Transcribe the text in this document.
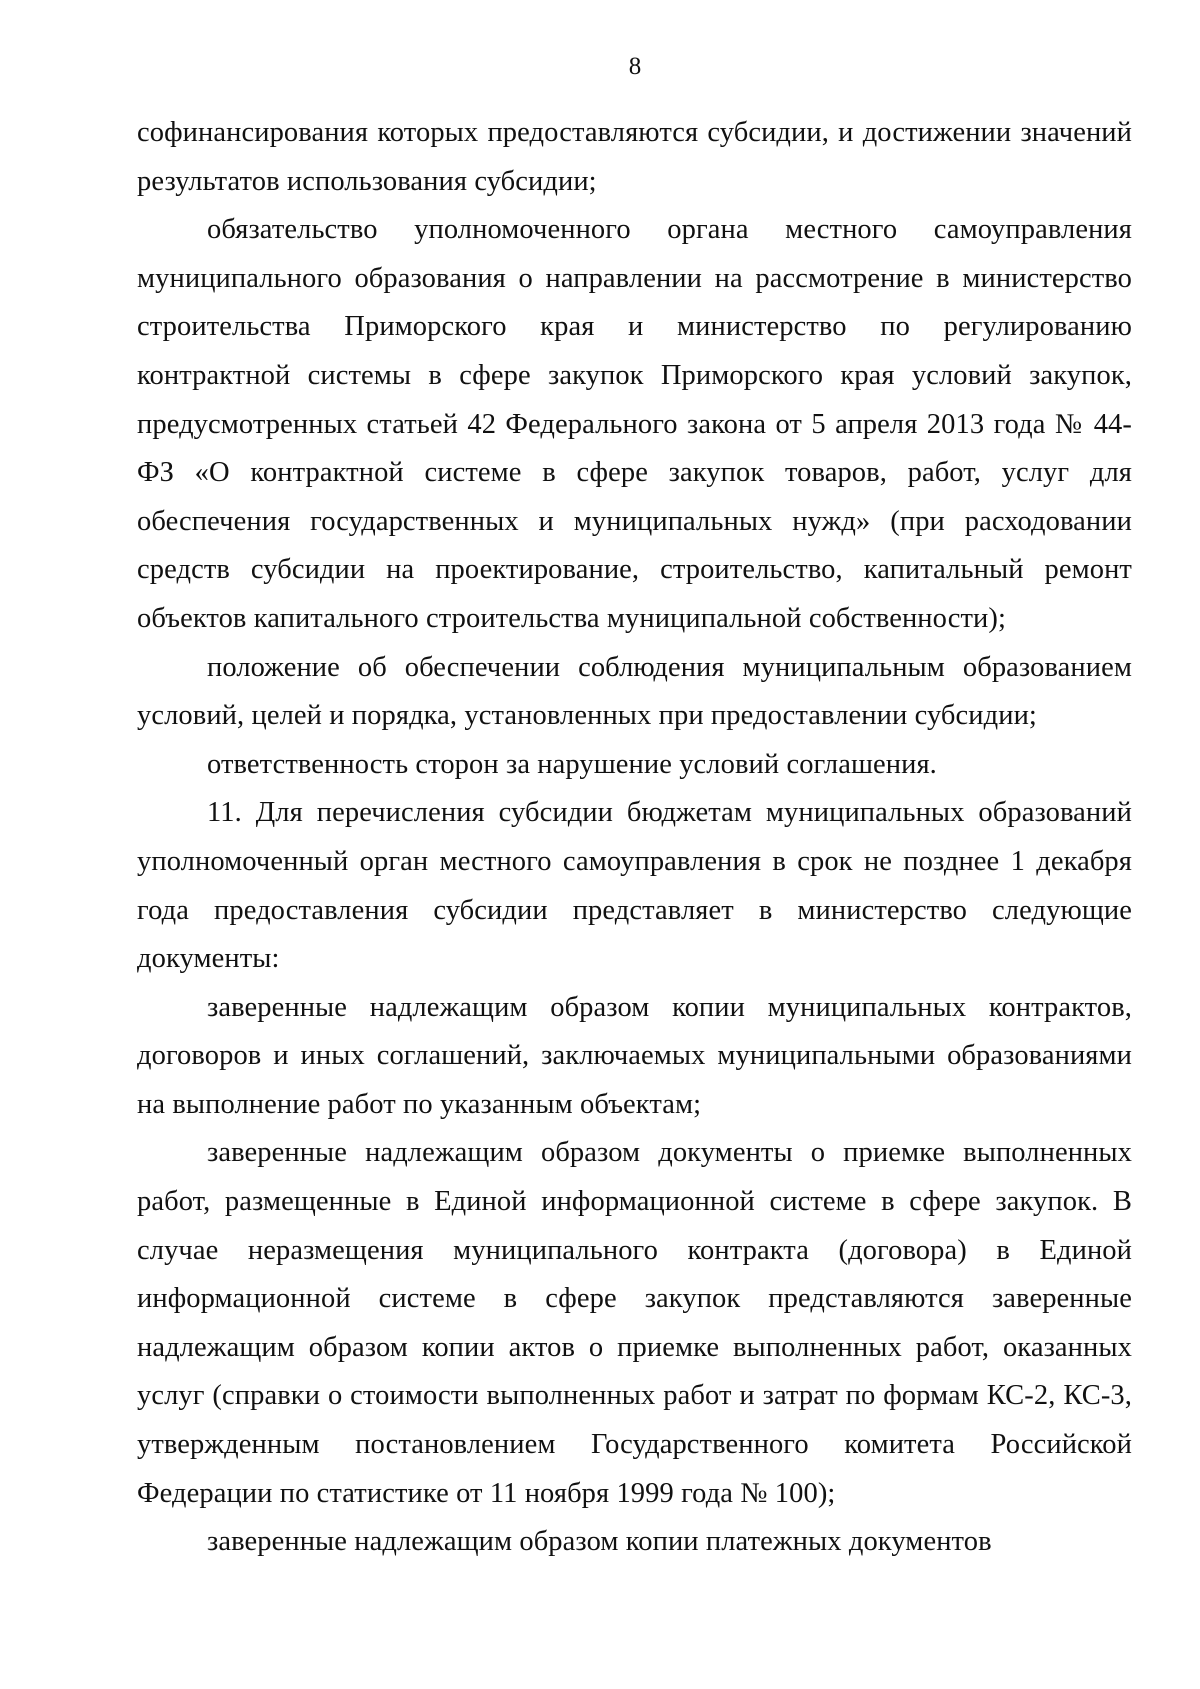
8

софинансирования которых предоставляются субсидии, и достижении значений результатов использования субсидии;

обязательство уполномоченного органа местного самоуправления муниципального образования о направлении на рассмотрение в министерство строительства Приморского края и министерство по регулированию контрактной системы в сфере закупок Приморского края условий закупок, предусмотренных статьей 42 Федерального закона от 5 апреля 2013 года № 44-ФЗ «О контрактной системе в сфере закупок товаров, работ, услуг для обеспечения государственных и муниципальных нужд» (при расходовании средств субсидии на проектирование, строительство, капитальный ремонт объектов капитального строительства муниципальной собственности);

положение об обеспечении соблюдения муниципальным образованием условий, целей и порядка, установленных при предоставлении субсидии;

ответственность сторон за нарушение условий соглашения.

11. Для перечисления субсидии бюджетам муниципальных образований уполномоченный орган местного самоуправления в срок не позднее 1 декабря года предоставления субсидии представляет в министерство следующие документы:

заверенные надлежащим образом копии муниципальных контрактов, договоров и иных соглашений, заключаемых муниципальными образованиями на выполнение работ по указанным объектам;

заверенные надлежащим образом документы о приемке выполненных работ, размещенные в Единой информационной системе в сфере закупок. В случае неразмещения муниципального контракта (договора) в Единой информационной системе в сфере закупок представляются заверенные надлежащим образом копии актов о приемке выполненных работ, оказанных услуг (справки о стоимости выполненных работ и затрат по формам КС-2, КС-3, утвержденным постановлением Государственного комитета Российской Федерации по статистике от 11 ноября 1999 года № 100);

заверенные надлежащим образом копии платежных документов
